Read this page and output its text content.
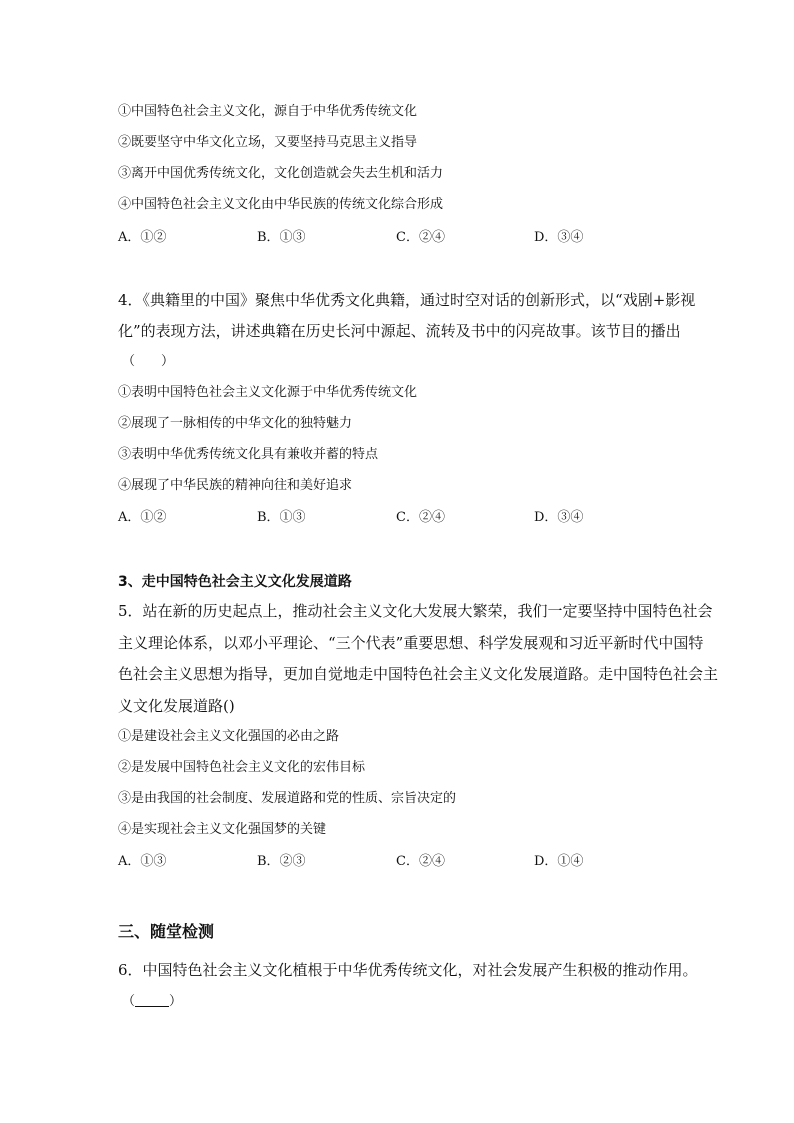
①中国特色社会主义文化，源自于中华优秀传统文化
②既要坚守中华文化立场，又要坚持马克思主义指导
③离开中国优秀传统文化，文化创造就会失去生机和活力
④中国特色社会主义文化由中华民族的传统文化综合形成
A．①②	B．①③	C．②④	D．③④
4．《典籍里的中国》聚焦中华优秀文化典籍，通过时空对话的创新形式，以“戏剧+影视
化”的表现方法，讲述典籍在历史长河中源起、流转及书中的闪亮故事。该节目的播出
（　　）
①表明中国特色社会主义文化源于中华优秀传统文化
②展现了一脉相传的中华文化的独特魅力
③表明中华优秀传统文化具有兼收并蓄的特点
④展现了中华民族的精神向往和美好追求
A．①②	B．①③	C．②④	D．③④
3、走中国特色社会主义文化发展道路
5．站在新的历史起点上，推动社会主义文化大发展大繁荣，我们一定要坚持中国特色社会
主义理论体系，以邓小平理论、“三个代表”重要思想、科学发展观和习近平新时代中国特
色社会主义思想为指导，更加自觉地走中国特色社会主义文化发展道路。走中国特色社会主
义文化发展道路()
①是建设社会主义文化强国的必由之路
②是发展中国特色社会主义文化的宏伟目标
③是由我国的社会制度、发展道路和党的性质、宗旨决定的
④是实现社会主义文化强国梦的关键
A．①③	B．②③	C．②④	D．①④
三、随堂检测
6．中国特色社会主义文化植根于中华优秀传统文化，对社会发展产生积极的推动作用。
（	）
